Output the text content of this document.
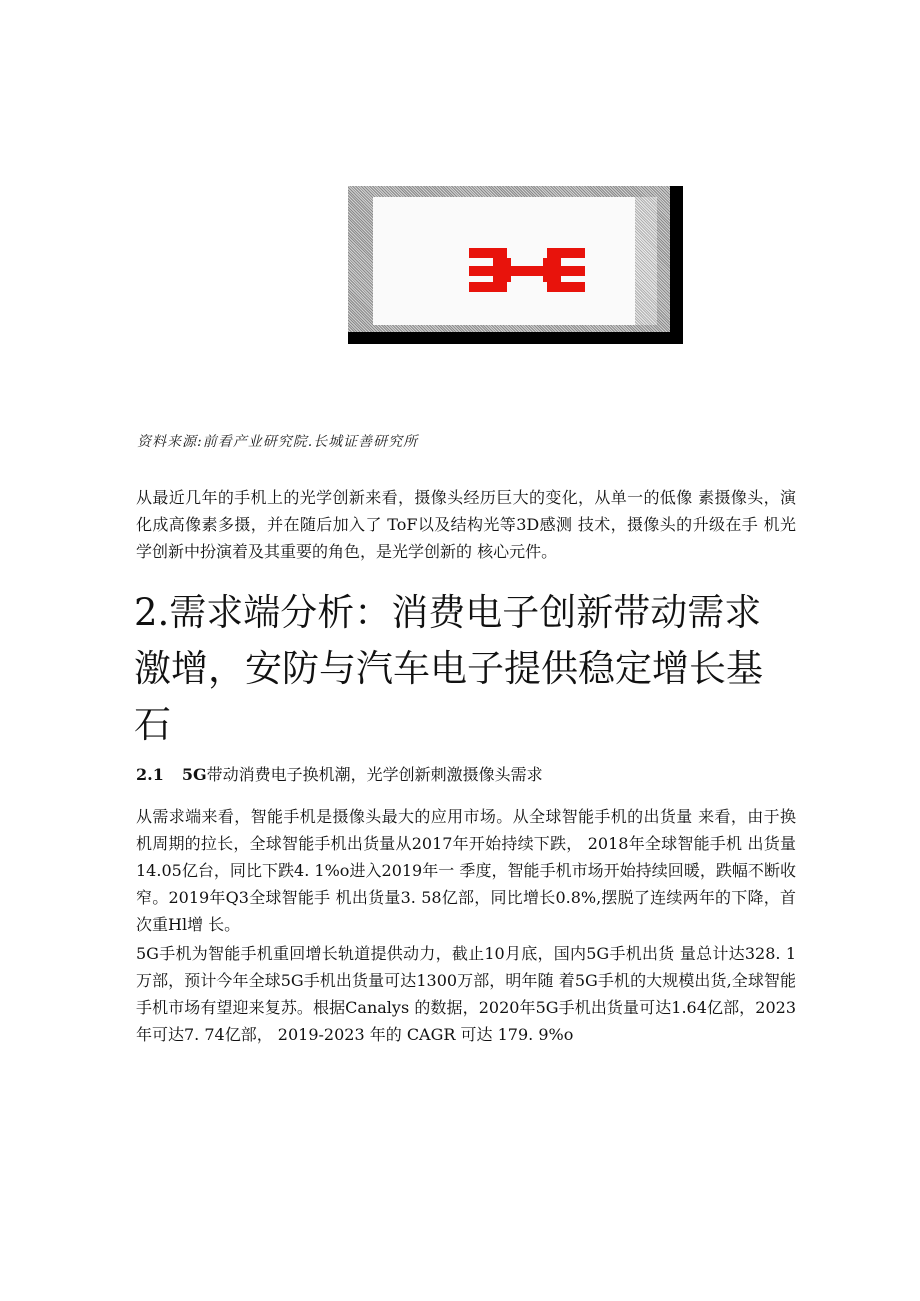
资料来源:前看产业研究院.长城证善研究所

从最近几年的手机上的光学创新来看，摄像头经历巨大的变化，从单一的低像 素摄像头，演化成高像素多摄，并在随后加入了 ToF以及结构光等3D感测 技术，摄像头的升级在手 机光学创新中扮演着及其重要的角色，是光学创新的 核心元件。

2.需求端分析：消费电子创新带动需求激增，安防与汽车电子提供稳定增长基石
2.1 5G带动消费电子换机潮，光学创新刺激摄像头需求

从需求端来看，智能手机是摄像头最大的应用市场。从全球智能手机的出货量 来看，由于换机周期的拉长，全球智能手机出货量从2017年开始持续下跌， 2018年全球智能手机 出货量14.05亿台，同比下跌4. 1%o进入2019年一 季度，智能手机市场开始持续回暖，跌幅不断收窄。2019年Q3全球智能手 机出货量3. 58亿部，同比增长0.8%,摆脱了连续两年的下降，首次重Hl增 长。

5G手机为智能手机重回增长轨道提供动力，截止10月底，国内5G手机出货 量总计达328. 1万部，预计今年全球5G手机出货量可达1300万部，明年随 着5G手机的大规模出货,全球智能手机市场有望迎来复苏。根据Canalys 的数据，2020年5G手机出货量可达1.64亿部，2023年可达7. 74亿部， 2019-2023 年的 CAGR 可达 179. 9%o
